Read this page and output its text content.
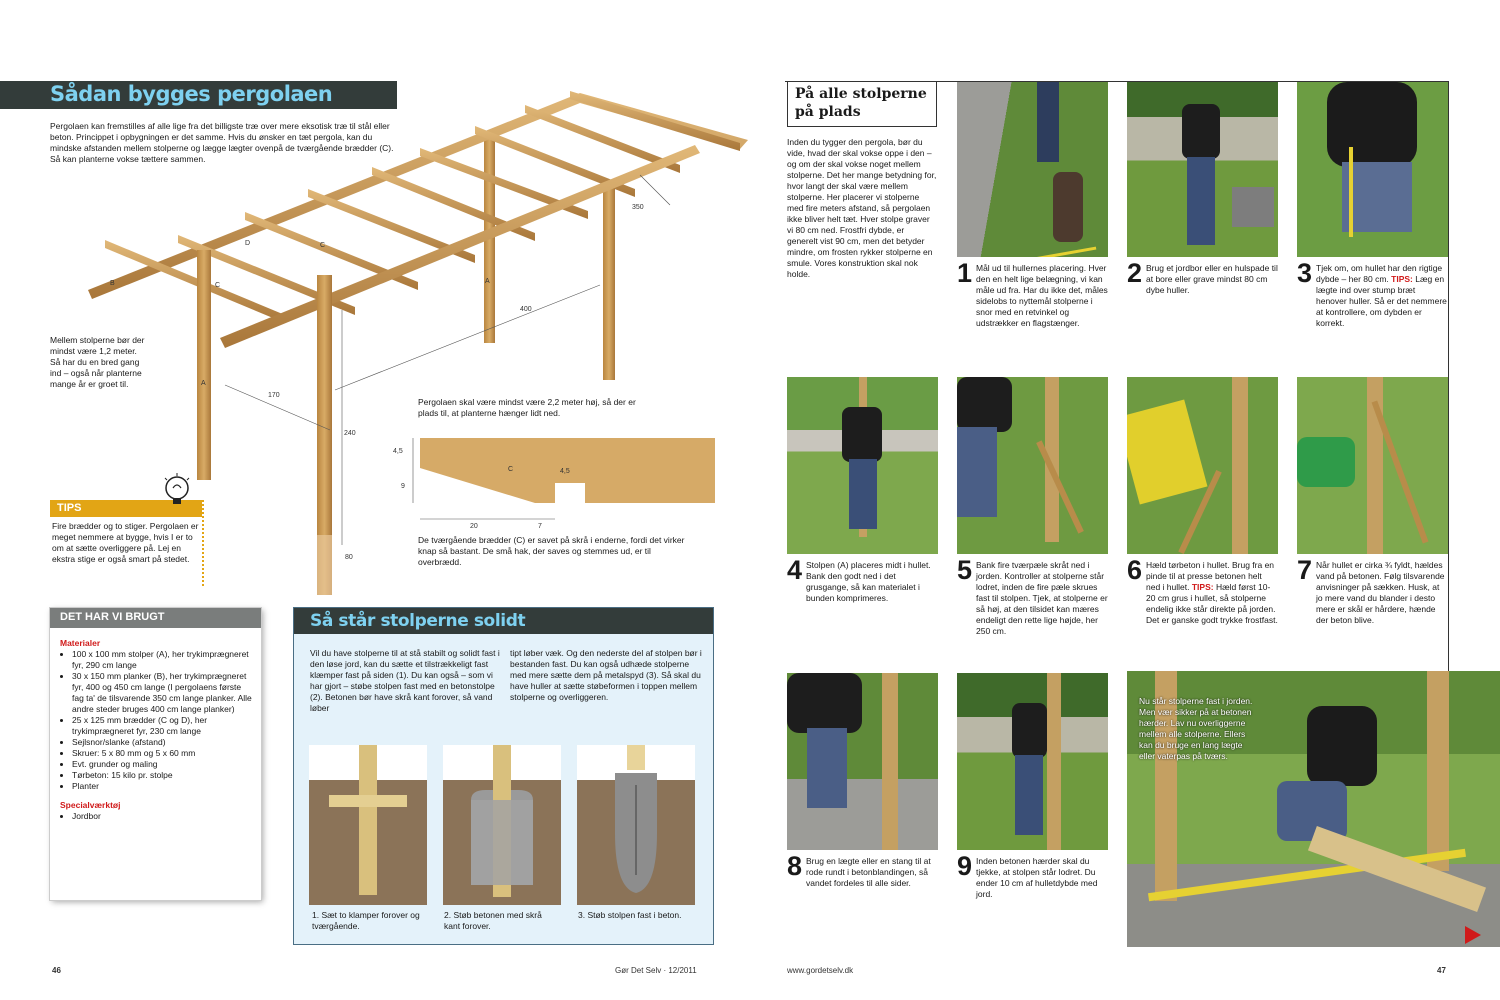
Sådan bygges pergolaen
Pergolaen kan fremstilles af alle lige fra det billigste træ over mere eksotisk træ til stål eller beton. Princippet i opbygningen er det samme. Hvis du ønsker en tæt pergola, kan du mindske afstanden mellem stolperne og lægge lægter ovenpå de tværgående brædder (C). Så kan planterne vokse tættere sammen.
170
400
350
240
80
A
A
B	C
C
D
Mellem stolperne bør der mindst være 1,2 meter. Så har du en bred gang ind – også når planterne mange år er groet til.
Pergolaen skal være mindst være 2,2 meter høj, så der er plads til, at planterne hænger lidt ned.
4,5
9
4,5
20	7
C
De tværgående brædder (C) er savet på skrå i enderne, fordi det virker knap så bastant. De små hak, der saves og stemmes ud, er til overbrædd.
TIPS
Fire brædder og to stiger. Pergolaen er meget nemmere at bygge, hvis I er to om at sætte overliggere på. Lej en ekstra stige er også smart på stedet.
DET HAR VI BRUGT
Materialer
• 100 x 100 mm stolper (A), her trykimprægneret fyr, 290 cm lange
• 30 x 150 mm planker (B), her trykimprægneret fyr, 400 og 450 cm lange (I pergolaens første fag ta' de tilsvarende 350 cm lange planker. Alle andre steder bruges 400 cm lange planker)
• 25 x 125 mm brædder (C og D), her trykimprægneret fyr, 230 cm lange
• Sejlsnor/slanke (afstand)
• Skruer: 5 x 80 mm og 5 x 60 mm
• Evt. grunder og maling
• Tørbeton: 15 kilo pr. stolpe
• Planter
Specialværktøj
• Jordbor
Så står stolperne solidt
Vil du have stolperne til at stå stabilt og solidt fast i den løse jord, kan du sætte et tilstrækkeligt fast klæmper fast på siden (1). Du kan også – som vi har gjort – støbe stolpen fast med en betonstolpe (2). Betonen bør have skrå kant forover, så vand løber
tipt løber væk. Og den nederste del af stolpen bør i bestanden fast. Du kan også udhæde stolperne med mere sætte dem på metalspyd (3). Så skal du have huller at sætte støbeformen i toppen mellem stolperne og overliggeren.
1. Sæt to klamper forover og tværgående.
2. Støb betonen med skrå kant forover.
3. Støb stolpen fast i beton.
46	Gør Det Selv · 12/2011
På alle stolperne på plads
Inden du tygger den pergola, bør du vide, hvad der skal vokse oppe i den – og om der skal vokse noget mellem stolperne. Det her mange betydning for, hvor langt der skal være mellem stolperne. Her placerer vi stolperne med fire meters afstand, så pergolaen ikke bliver helt tæt. Hver stolpe graver vi 80 cm ned. Frostfri dybde, er generelt vist 90 cm, men det betyder mindre, om frosten rykker stolperne en smule. Vores konstruktion skal nok holde.	1 Mål ud til hullernes placering. Hver den en helt lige belægning, vi kan måle ud fra. Har du ikke det, måles sidelobs to nyttemål stolperne i snor med en retvinkel og udstrækker en flagstænger.
2 Brug et jordbor eller en hulspade til at bore eller grave mindst 80 cm dybe huller.
3 Tjek om, om hullet har den rigtige dybde – her 80 cm. TIPS: Læg en lægte ind over stump bræt henover huller. Så er det nemmere at kontrollere, om dybden er korrekt.
4 Stolpen (A) placeres midt i hullet. Bank den godt ned i det grusgange, så kan materialet i bunden komprimeres.
5 Bank fire tværpæle skråt ned i jorden. Kontroller at stolperne står lodret, inden de fire pæle skrues fast til stolpen. Tjek, at stolperne er så høj, at den tilsidet kan mæres endeligt den rette lige højde, her 250 cm.
6 Hæld tørbeton i hullet. Brug fra en pinde til at presse betonen helt ned i hullet. TIPS: Hæld først 10-20 cm grus i hullet, så stolperne endelig ikke står direkte på jorden. Det er ganske godt trykke frostfast.
7 Når hullet er cirka ¾ fyldt, hældes vand på betonen. Følg tilsvarende anvisninger på sækken. Husk, at jo mere vand du blander i desto mere er skål er hårdere, hænde der beton blive.
Nu står stolperne fast i jorden. Men vær sikker på at betonen hærder. Lav nu overliggerne mellem alle stolperne. Ellers kan du bruge en lang lægte eller vaterpas på tværs.
8 Brug en lægte eller en stang til at rode rundt i betonblandingen, så vandet fordeles til alle sider.
9 Inden betonen hærder skal du tjekke, at stolpen står lodret. Du ender 10 cm af hulletdybde med jord.
www.gordetselv.dk	47
